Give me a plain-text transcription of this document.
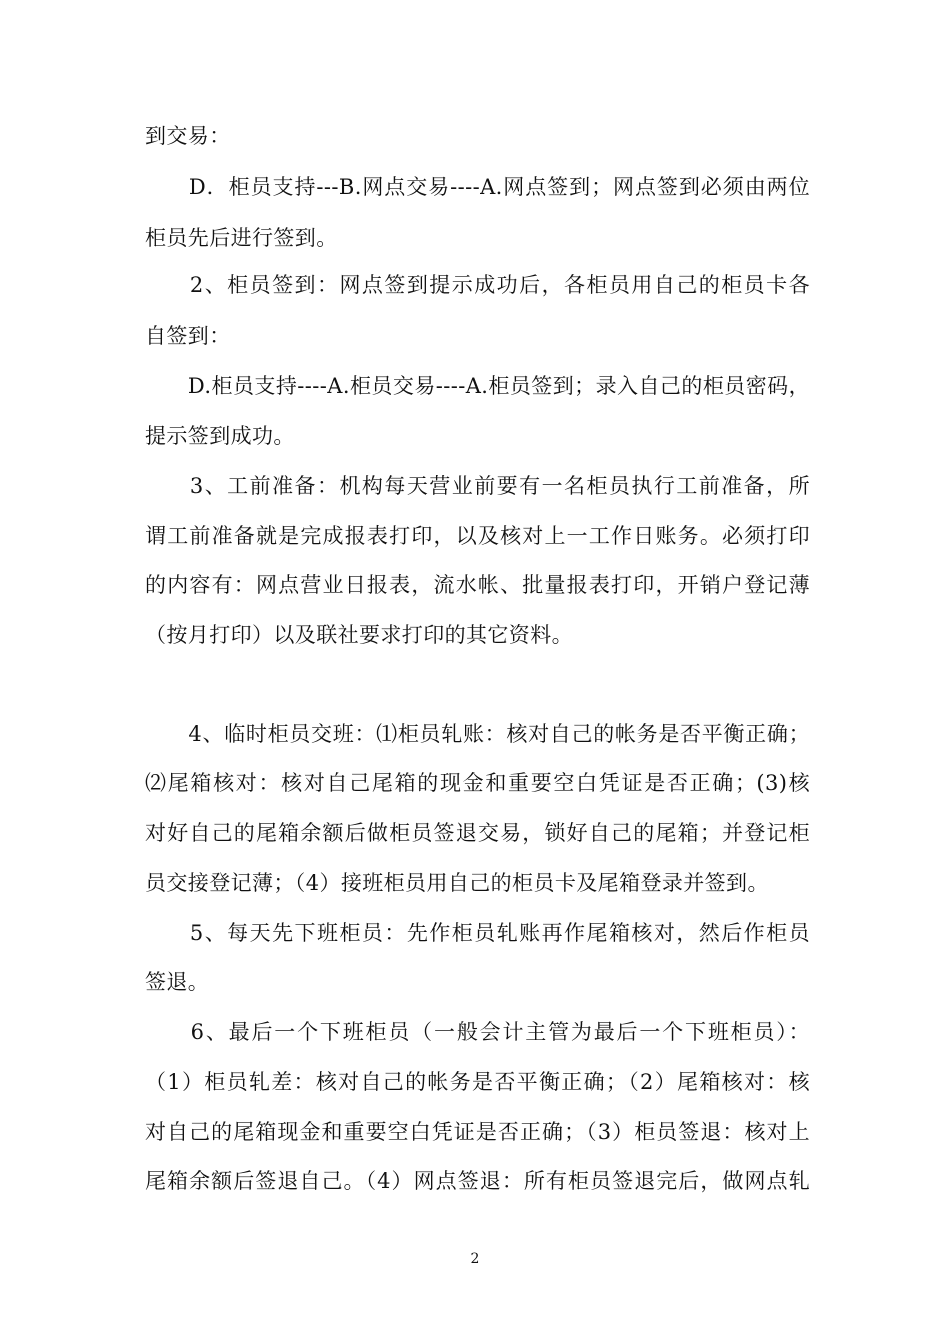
到交易：
　　D．柜员支持---B.网点交易----A.网点签到；网点签到必须由两位
柜员先后进行签到。
　　2、柜员签到：网点签到提示成功后，各柜员用自己的柜员卡各
自签到：
　　D.柜员支持----A.柜员交易----A.柜员签到；录入自己的柜员密码，
提示签到成功。
　　3、工前准备：机构每天营业前要有一名柜员执行工前准备，所
谓工前准备就是完成报表打印，以及核对上一工作日账务。必须打印
的内容有：网点营业日报表，流水帐、批量报表打印，开销户登记薄
（按月打印）以及联社要求打印的其它资料。
　　4、临时柜员交班：⑴柜员轧账：核对自己的帐务是否平衡正确；
⑵尾箱核对：核对自己尾箱的现金和重要空白凭证是否正确；(3)核
对好自己的尾箱余额后做柜员签退交易，锁好自己的尾箱；并登记柜
员交接登记薄；（4）接班柜员用自己的柜员卡及尾箱登录并签到。
　　5、每天先下班柜员：先作柜员轧账再作尾箱核对，然后作柜员
签退。
　　6、最后一个下班柜员（一般会计主管为最后一个下班柜员）：
（1）柜员轧差：核对自己的帐务是否平衡正确；（2）尾箱核对：核
对自己的尾箱现金和重要空白凭证是否正确；（3）柜员签退：核对上
尾箱余额后签退自己。（4）网点签退：所有柜员签退完后，做网点轧
2
